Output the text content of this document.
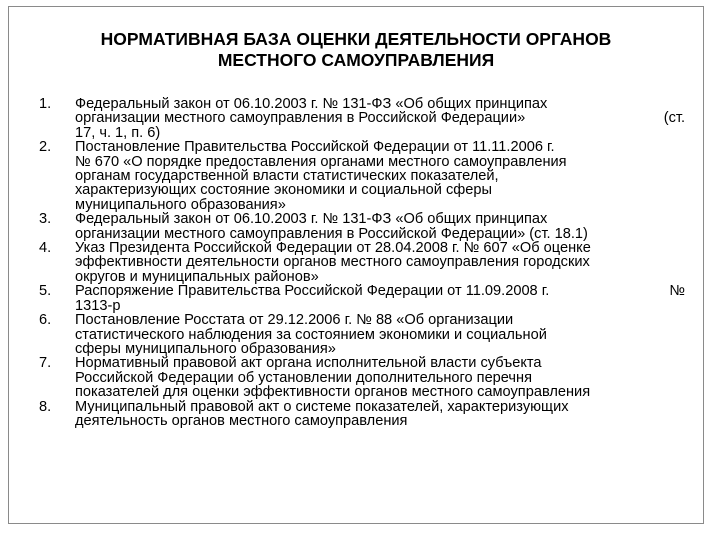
НОРМАТИВНАЯ БАЗА ОЦЕНКИ ДЕЯТЕЛЬНОСТИ ОРГАНОВ
МЕСТНОГО САМОУПРАВЛЕНИЯ
1. Федеральный закон от 06.10.2003 г. № 131-ФЗ «Об общих принципах
организации местного самоуправления в Российской Федерации»	(ст.
17, ч. 1, п. 6)
2. Постановление Правительства Российской Федерации от 11.11.2006 г.
№ 670 «О порядке предоставления органами местного самоуправления
органам государственной власти статистических показателей,
характеризующих состояние экономики и социальной сферы
муниципального образования»
3. Федеральный закон от 06.10.2003 г. № 131-ФЗ «Об общих принципах
организации местного самоуправления в Российской Федерации» (ст. 18.1)
4. Указ Президента Российской Федерации от 28.04.2008 г. № 607 «Об оценке
эффективности деятельности органов местного самоуправления городских
округов и муниципальных районов»
5. Распоряжение Правительства Российской Федерации от 11.09.2008 г.	№
1313-р
6. Постановление Росстата от 29.12.2006 г. № 88 «Об организации
статистического наблюдения за состоянием экономики и социальной
сферы муниципального образования»
7. Нормативный правовой акт органа исполнительной власти субъекта
Российской Федерации об установлении дополнительного перечня
показателей для оценки эффективности органов местного самоуправления
8. Муниципальный правовой акт о системе показателей, характеризующих
деятельность органов местного самоуправления
